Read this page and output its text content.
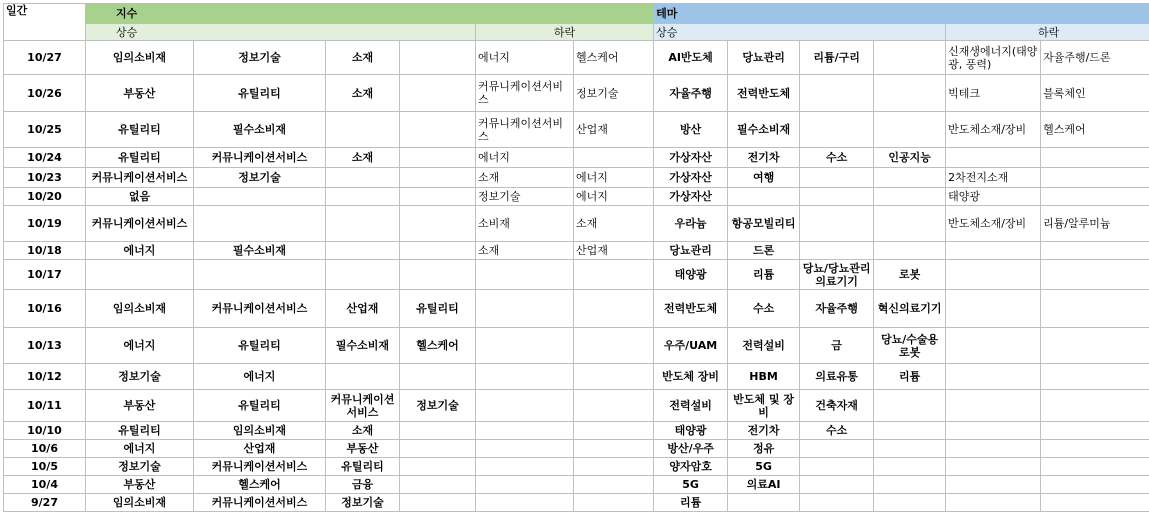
일간	지수						테마					
	상승				하락		상승				하락	
10/27	임의소비재	정보기술	소재		에너지	헬스케어	AI반도체	당뇨관리	리튬/구리		신재생에너지(태양광, 풍력)	자율주행/드론
10/26	부동산	유틸리티	소재		커뮤니케이션서비스	정보기술	자율주행	전력반도체			빅테크	블록체인
10/25	유틸리티	필수소비재			커뮤니케이션서비스	산업재	방산	필수소비재			반도체소재/장비	헬스케어
10/24	유틸리티	커뮤니케이션서비스	소재		에너지		가상자산	전기차	수소	인공지능		
10/23	커뮤니케이션서비스	정보기술			소재	에너지	가상자산	여행			2차전지소재	
10/20	없음				정보기술	에너지	가상자산				태양광	
10/19	커뮤니케이션서비스				소비재	소재	우라늄	항공모빌리티			반도체소재/장비	리튬/알루미늄
10/18	에너지	필수소비재			소재	산업재	당뇨관리	드론				
10/17							태양광	리튬	당뇨/당뇨관리의료기기	로봇		
10/16	임의소비재	커뮤니케이션서비스	산업재	유틸리티			전력반도체	수소	자율주행	혁신의료기기		
10/13	에너지	유틸리티	필수소비재	헬스케어			우주/UAM	전력설비	금	당뇨/수술용로봇		
10/12	정보기술	에너지					반도체 장비	HBM	의료유통	리튬		
10/11	부동산	유틸리티	커뮤니케이션서비스	정보기술			전력설비	반도체 및 장비	건축자재			
10/10	유틸리티	임의소비재	소재				태양광	전기차	수소			
10/6	에너지	산업재	부동산				방산/우주	정유				
10/5	정보기술	커뮤니케이션서비스	유틸리티				양자암호	5G				
10/4	부동산	헬스케어	금융				5G	의료AI				
9/27	임의소비재	커뮤니케이션서비스	정보기술				리튬					
